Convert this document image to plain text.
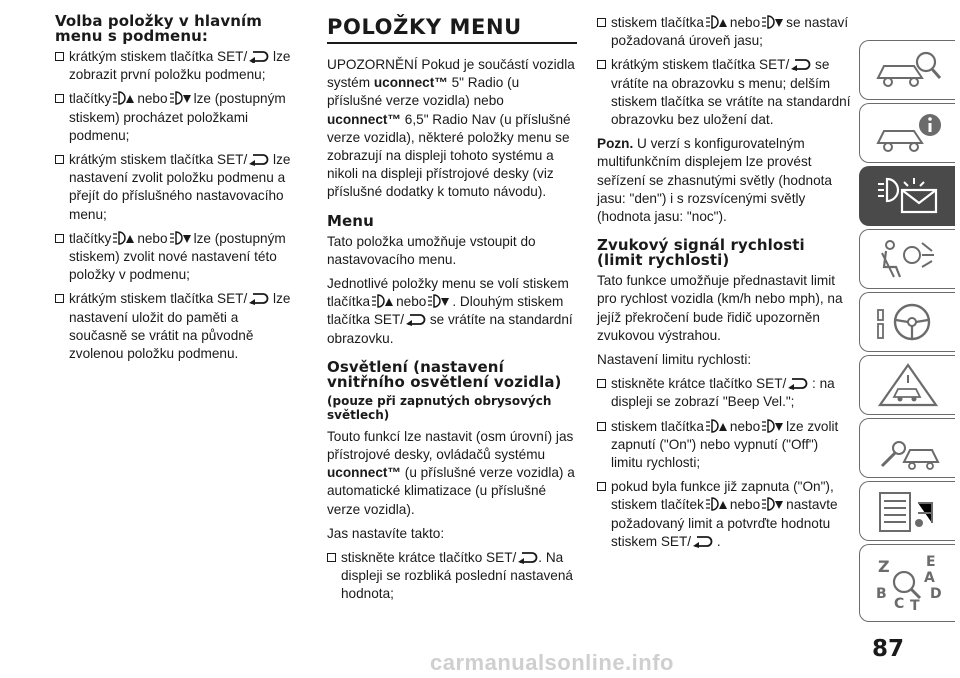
Volba položky v hlavním menu s podmenu:
krátkým stiskem tlačítka SET/
lze zobrazit první položku podmenu;
tlačítky nebo lze (postupným stiskem) procházet položkami podmenu;
krátkým stiskem tlačítka SET/
lze nastavení zvolit položku podmenu a přejít do příslušného nastavovacího menu;
tlačítky nebo lze (postupným stiskem) zvolit nové nastavení této položky v podmenu;
krátkým stiskem tlačítka SET/
lze nastavení uložit do paměti a současně se vrátit na původně zvolenou položku podmenu.
POLOŽKY MENU

UPOZORNĚNÍ Pokud je součástí vozidla systém uconnect™ 5" Radio (u příslušné verze vozidla) nebo uconnect™ 6,5" Radio Nav (u příslušné verze vozidla), některé položky menu se zobrazují na displeji tohoto systému a nikoli na displeji přístrojové desky (viz příslušné dodatky k tomuto návodu).

Menu

Tato položka umožňuje vstoupit do nastavovacího menu.

Jednotlivé položky menu se volí stiskem tlačítka nebo . Dlouhým stiskem tlačítka SET/
se vrátíte na standardní obrazovku.

Osvětlení (nastavení vnitřního osvětlení vozidla)
(pouze při zapnutých obrysových světlech)

Touto funkcí lze nastavit (osm úrovní) jas přístrojové desky, ovládačů systému uconnect™ (u příslušné verze vozidla) a automatické klimatizace (u příslušné verze vozidla).

Jas nastavíte takto:

stiskněte krátce tlačítko SET/ . Na displeji se rozbliká poslední nastavená hodnota;
stiskem tlačítka nebo se nastaví požadovaná úroveň jasu;
krátkým stiskem tlačítka SET/
se vrátíte na obrazovku s menu; delším stiskem tlačítka se vrátíte na standardní obrazovku bez uložení dat.

Pozn. U verzí s konfigurovatelným multifunkčním displejem lze provést seřízení se zhasnutými světly (hodnota jasu: "den") i s rozsvícenými světly (hodnota jasu: "noc").

Zvukový signál rychlosti (limit rychlosti)

Tato funkce umožňuje přednastavit limit pro rychlost vozidla (km/h nebo mph), na jejíž překročení bude řidič upozorněn zvukovou výstrahou.

Nastavení limitu rychlosti:

stiskněte krátce tlačítko SET/
: na displeji se zobrazí "Beep Vel.";
stiskem tlačítka nebo lze zvolit zapnutí ("On") nebo vypnutí ("Off") limitu rychlosti;
pokud byla funkce již zapnuta ("On"), stiskem tlačítek nebo nastavte požadovaný limit a potvrďte hodnotu stiskem SET/
.
Z	E
B
C T
D
A
87
carmanualsonline.info
